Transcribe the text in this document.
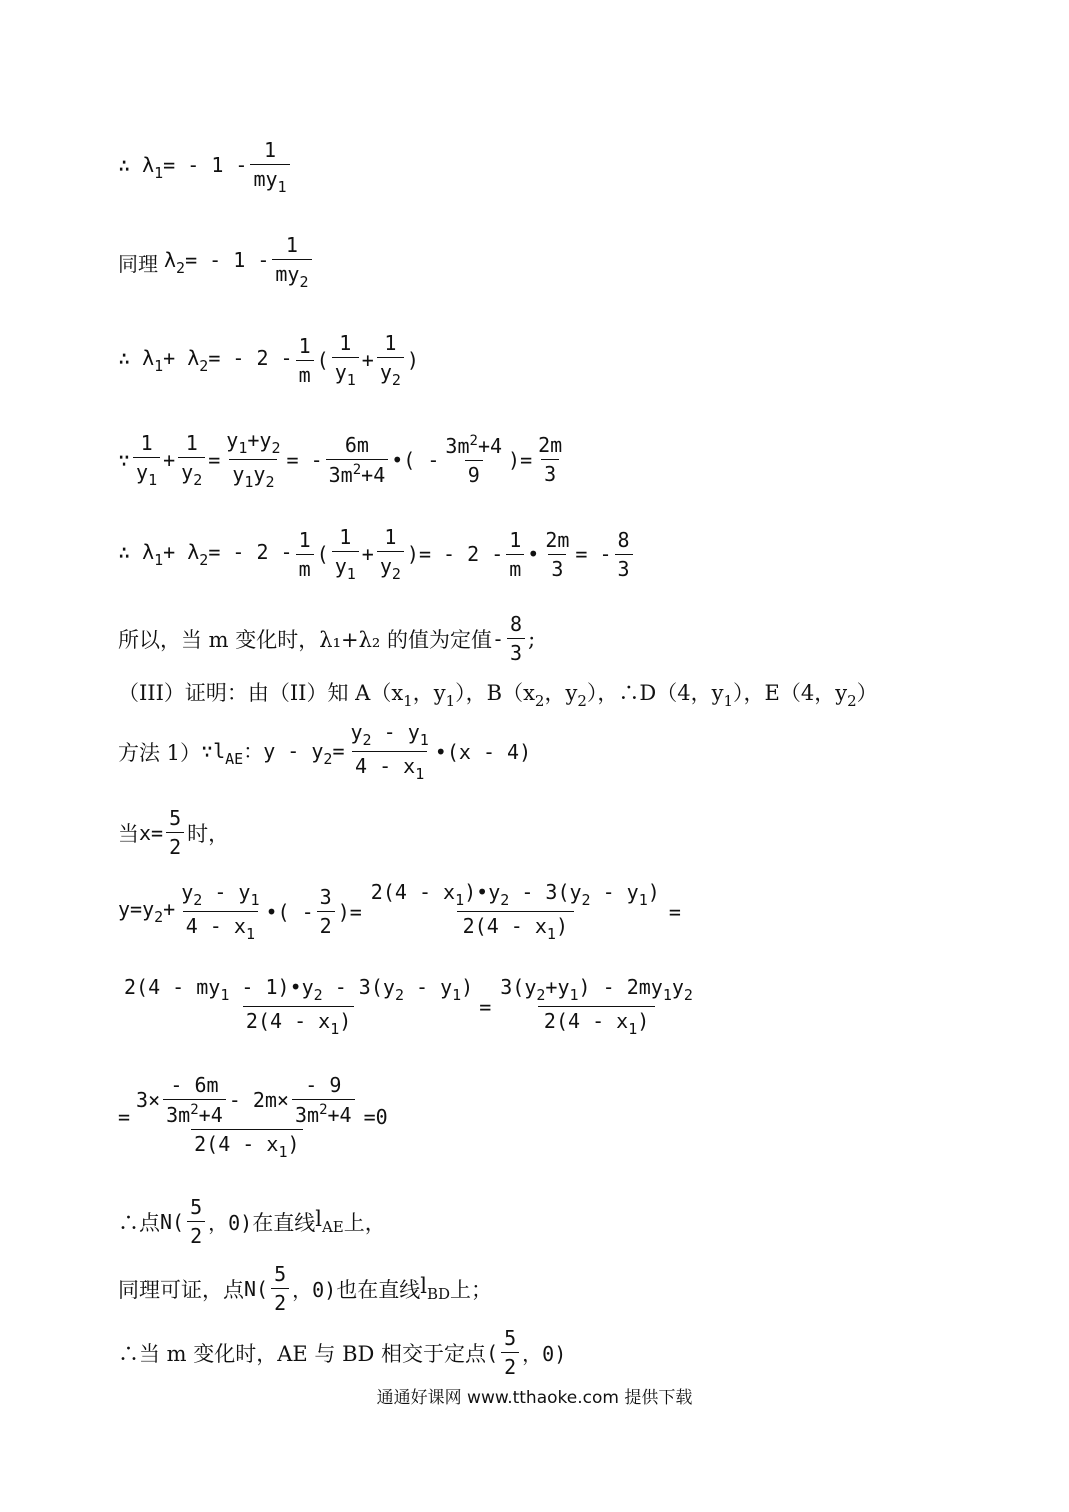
∴ $\lambda_1= - 1 - \frac{1}{my_1}$
同理 $\lambda_2= - 1 - \frac{1}{my_2}$
∴ $\lambda_1+ \lambda_2= - 2 - \frac{1}{m}$ ( $\frac{1}{y_1} + \frac{1}{y_2}$ )
∵ $\frac{1}{y_1} + \frac{1}{y_2} = \frac{y_1+y_2}{y_1y_2}$ = - $\frac{6m}{3m^2+4}$ •( - $\frac{3m^2+4}{9}$ )= $\frac{2m}{3}$
∴ $\lambda_1+ \lambda_2= - 2 - \frac{1}{m}$ ( $\frac{1}{y_1} + \frac{1}{y_2}$ )= - $2 - \frac{1}{m}$ • $\frac{2m}{3}$ = - $\frac{8}{3}$
所以，当 m 变化时，λ₁+λ₂ 的值为定值 - $\frac{8}{3}$ ;
（III）证明：由（II）知 $A(x_1$，$y_1$），$B(x_2$，$y_2$），∴D（4，$y_1$），E（4，$y_2$）
方法 1） $\because l_{AE}$：$y - y_2= \frac{y_2 - y_1}{4 - x_1}$ •(x - 4)
当 $x= \frac{5}{2}$ 时，
$y=y_2+ \frac{y_2 - y_1}{4 - x_1}$ •( - $\frac{3}{2}$ )= $\frac{2(4 - x_1)•y_2 - 3(y_2 - y_1)}{2(4 - x_1)}$ =
$\frac{2(4 - my_1 - 1)•y_2 - 3(y_2 - y_1)}{2(4 - x_1)} = \frac{3(y_2+y_1) - 2my_1y_2}{2(4 - x_1)}$
= $\frac{3\times \frac{- 6m}{3m^2+4} - 2m\times \frac{- 9}{3m^2+4}}{2(4 - x_1)} =0$
∴点 $N( \frac{5}{2}$ ，0) 在直线 $l_{AE}$ 上，
同理可证，点 $N( \frac{5}{2}$ ，0) 也在直线 $l_{BD}$ 上；
∴当 m 变化时，AE 与 BD 相交于定点 ( $\frac{5}{2}$ ，0)
通通好课网 www.tthaoke.com 提供下载
